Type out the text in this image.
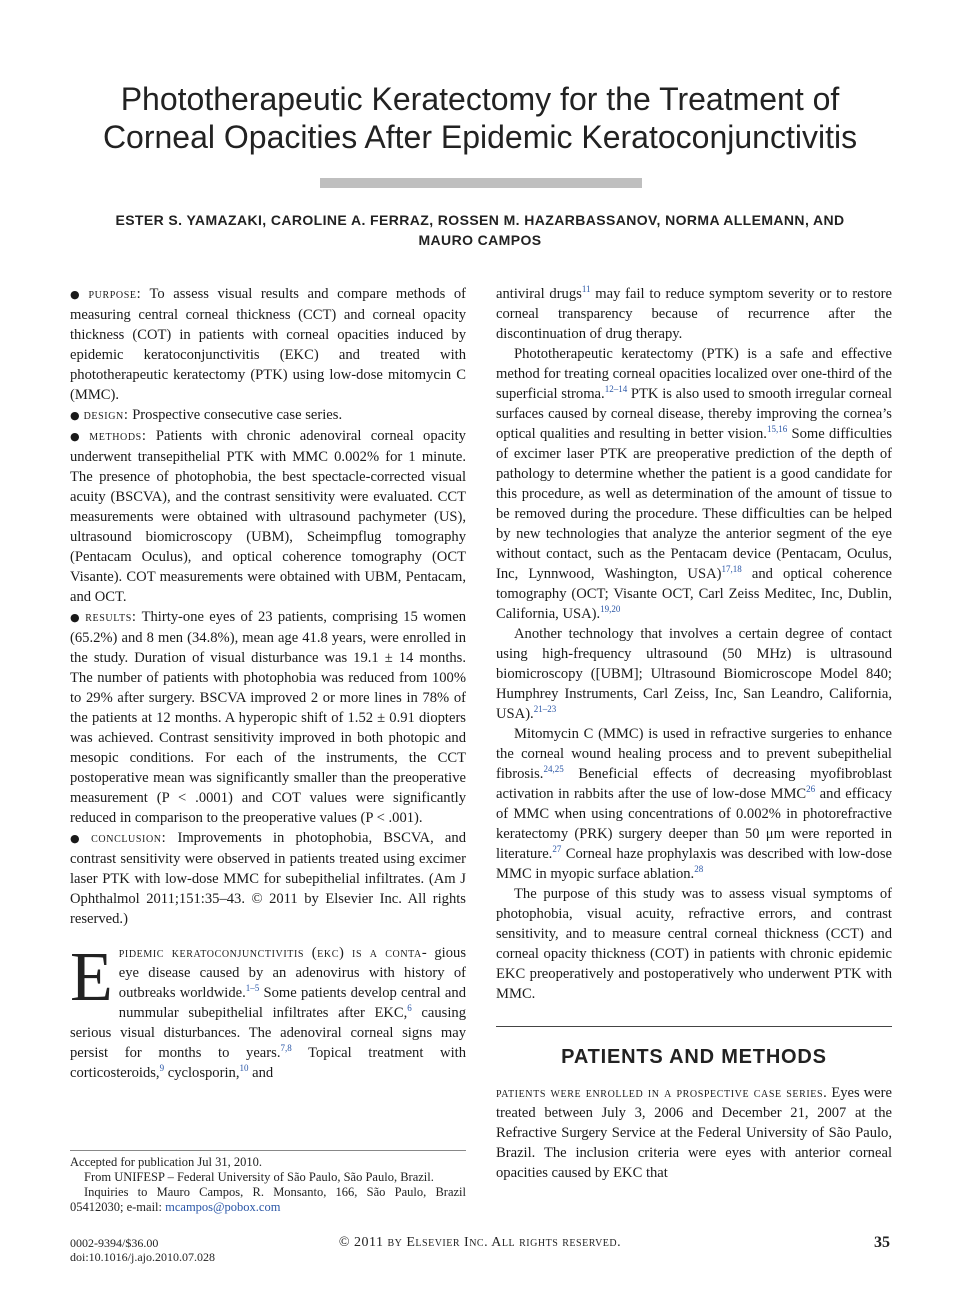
Phototherapeutic Keratectomy for the Treatment of
Corneal Opacities After Epidemic Keratoconjunctivitis
ESTER S. YAMAZAKI, CAROLINE A. FERRAZ, ROSSEN M. HAZARBASSANOV, NORMA ALLEMANN, AND
MAURO CAMPOS

● purpose: To assess visual results and compare methods of measuring central corneal thickness (CCT) and corneal opacity thickness (COT) in patients with corneal opacities induced by epidemic keratoconjunctivitis (EKC) and treated with phototherapeutic keratectomy (PTK) using low-dose mitomycin C (MMC).

● design: Prospective consecutive case series.

● methods: Patients with chronic adenoviral corneal opacity underwent transepithelial PTK with MMC 0.002% for 1 minute. The presence of photophobia, the best spectacle-corrected visual acuity (BSCVA), and the contrast sensitivity were evaluated. CCT measurements were obtained with ultrasound pachymeter (US), ultrasound biomicroscopy (UBM), Scheimpflug tomography (Pentacam Oculus), and optical coherence tomography (OCT Visante). COT measurements were obtained with UBM, Pentacam, and OCT.

● results: Thirty-one eyes of 23 patients, comprising 15 women (65.2%) and 8 men (34.8%), mean age 41.8 years, were enrolled in the study. Duration of visual disturbance was 19.1 ± 14 months. The number of patients with photophobia was reduced from 100% to 29% after surgery. BSCVA improved 2 or more lines in 78% of the patients at 12 months. A hyperopic shift of 1.52 ± 0.91 diopters was achieved. Contrast sensitivity improved in both photopic and mesopic conditions. For each of the instruments, the CCT postoperative mean was significantly smaller than the preoperative measurement (P < .0001) and COT values were significantly reduced in comparison to the preoperative values (P < .001).

● conclusion: Improvements in photophobia, BSCVA, and contrast sensitivity were observed in patients treated using excimer laser PTK with low-dose MMC for subepithelial infiltrates. (Am J Ophthalmol 2011;151:35–43. © 2011 by Elsevier Inc. All rights reserved.)

Epidemic keratoconjunctivitis (ekc) is a conta- gious eye disease caused by an adenovirus with history of outbreaks worldwide.$^{1-5}$ Some patients develop central and nummular subepithelial infiltrates after EKC,$^6$ causing serious visual disturbances. The adenoviral corneal signs may persist for months to years.$^{7,8}$ Topical treatment with corticosteroids,$^9$ cyclosporin,$^{10}$ and

Accepted for publication Jul 31, 2010.

From UNIFESP – Federal University of São Paulo, São Paulo, Brazil.

Inquiries to Mauro Campos, R. Monsanto, 166, São Paulo, Brazil 05412030; e-mail: mcampos@pobox.com

antiviral drugs$^{11}$ may fail to reduce symptom severity or to restore corneal transparency because of recurrence after the discontinuation of drug therapy.

Phototherapeutic keratectomy (PTK) is a safe and effective method for treating corneal opacities localized over one-third of the superficial stroma.$^{12-14}$ PTK is also used to smooth irregular corneal surfaces caused by corneal disease, thereby improving the cornea’s optical qualities and resulting in better vision.$^{15,16}$ Some difficulties of excimer laser PTK are preoperative prediction of the depth of pathology to determine whether the patient is a good candidate for this procedure, as well as determination of the amount of tissue to be removed during the procedure. These difficulties can be helped by new technologies that analyze the anterior segment of the eye without contact, such as the Pentacam device (Pentacam, Oculus, Inc, Lynnwood, Washington, USA)$^{17,18}$ and optical coherence tomography (OCT; Visante OCT, Carl Zeiss Meditec, Inc, Dublin, California, USA).$^{19,20}$

Another technology that involves a certain degree of contact using high-frequency ultrasound (50 MHz) is ultrasound biomicroscopy ([UBM]; Ultrasound Biomicroscope Model 840; Humphrey Instruments, Carl Zeiss, Inc, San Leandro, California, USA).$^{21-23}$

Mitomycin C (MMC) is used in refractive surgeries to enhance the corneal wound healing process and to prevent subepithelial fibrosis.$^{24,25}$ Beneficial effects of decreasing myofibroblast activation in rabbits after the use of low-dose MMC$^{26}$ and efficacy of MMC when using concentrations of 0.002% in photorefractive keratectomy (PRK) surgery deeper than 50 μm were reported in literature.$^{27}$ Corneal haze prophylaxis was described with low-dose MMC in myopic surface ablation.$^{28}$

The purpose of this study was to assess visual symptoms of photophobia, visual acuity, refractive errors, and contrast sensitivity, and to measure central corneal thickness (CCT) and corneal opacity thickness (COT) in patients with chronic epidemic EKC preoperatively and postoperatively who underwent PTK with MMC.

PATIENTS AND METHODS

patients were enrolled in a prospective case series. Eyes were treated between July 3, 2006 and December 21, 2007 at the Refractive Surgery Service at the Federal University of São Paulo, Brazil. The inclusion criteria were eyes with anterior corneal opacities caused by EKC that

0002-9394/$36.00
doi:10.1016/j.ajo.2010.07.028
© 2011 by Elsevier Inc. All rights reserved.	35
